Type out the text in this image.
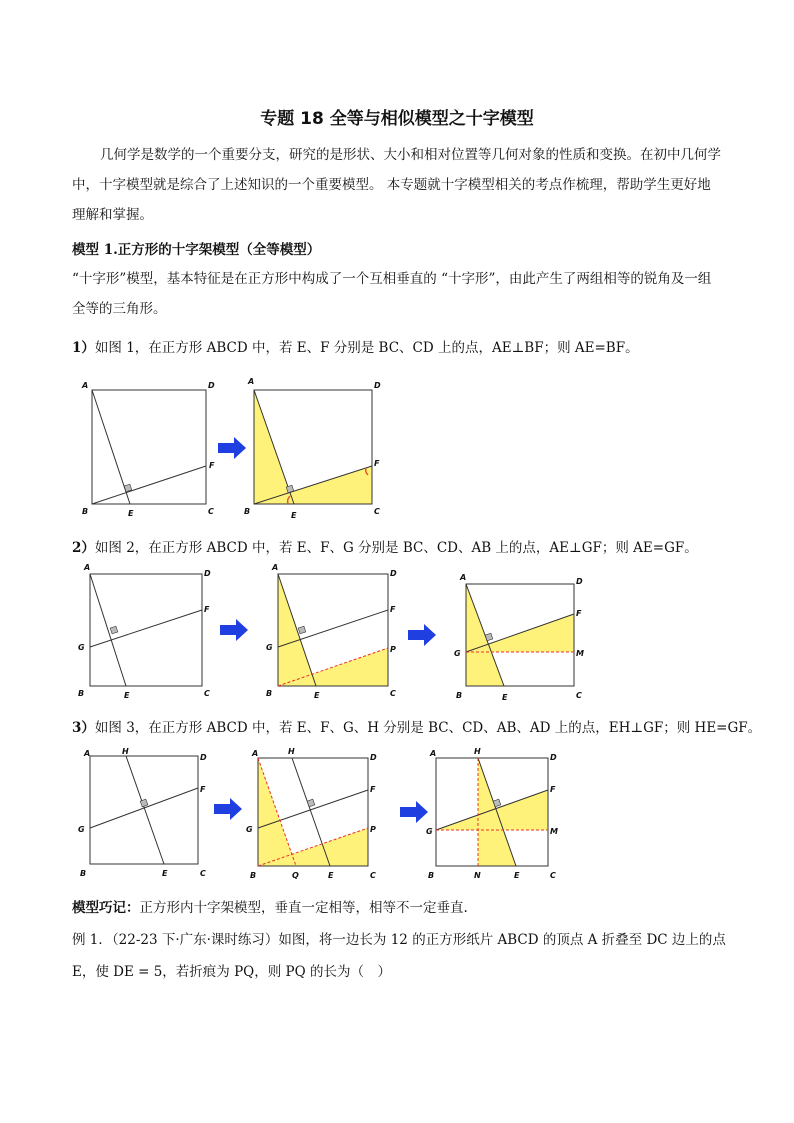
专题 18 全等与相似模型之十字模型
几何学是数学的一个重要分支，研究的是形状、大小和相对位置等几何对象的性质和变换。在初中几何学中，十字模型就是综合了上述知识的一个重要模型。 本专题就十字模型相关的考点作梳理，帮助学生更好地理解和掌握。
模型 1.正方形的十字架模型（全等模型）
“十字形”模型，基本特征是在正方形中构成了一个互相垂直的 “十字形”，由此产生了两组相等的锐角及一组全等的三角形。
1）如图 1，在正方形 ABCD 中，若 E、F 分别是 BC、CD 上的点，AE⊥BF；则 AE=BF。
A	D
B	C
E
F
A	D
B	C
E
F
2）如图 2，在正方形 ABCD 中，若 E、F、G 分别是 BC、CD、AB 上的点，AE⊥GF；则 AE=GF。
A
D
G
F
B	E	C
A
D
G
F
P
B	E	C
A	D
G
F
M
B	E	C
3）如图 3，在正方形 ABCD 中，若 E、F、G、H 分别是 BC、CD、AB、AD 上的点，EH⊥GF；则 HE=GF。
A	H
D
G
F
B	E	C
A	H
D
G
F
P
B	Q	E	C
A	H
D
G
F
M
B	N	E	C
模型巧记：正方形内十字架模型，垂直一定相等，相等不一定垂直.
例 1．（22-23 下·广东·课时练习）如图，将一边长为 12 的正方形纸片 ABCD 的顶点 A 折叠至 DC 边上的点
E，使 DE = 5，若折痕为 PQ，则 PQ 的长为（　）
